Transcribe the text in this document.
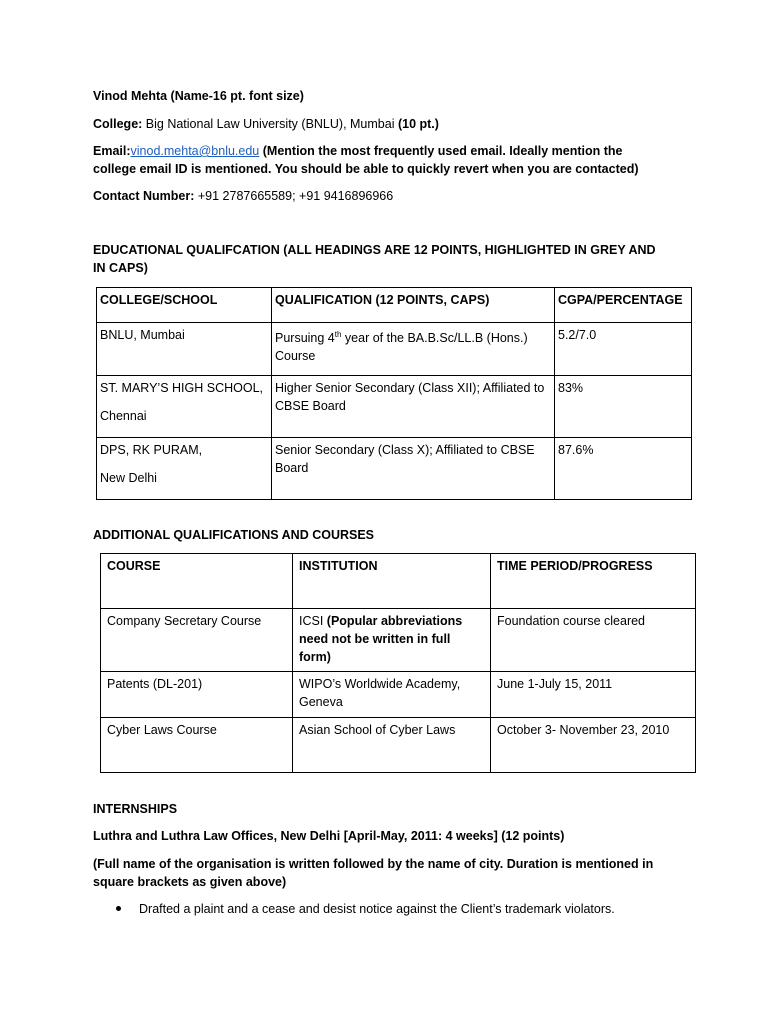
Vinod Mehta (Name-16 pt. font size)
College: Big National Law University (BNLU), Mumbai (10 pt.)
Email:vinod.mehta@bnlu.edu (Mention the most frequently used email. Ideally mention the college email ID is mentioned. You should be able to quickly revert when you are contacted)
Contact Number: +91 2787665589; +91 9416896966
EDUCATIONAL QUALIFCATION (ALL HEADINGS ARE 12 POINTS, HIGHLIGHTED IN GREY AND IN CAPS)
COLLEGE/SCHOOL	QUALIFICATION (12 POINTS, CAPS)	CGPA/PERCENTAGE
BNLU, Mumbai	Pursuing 4th year of the BA.B.Sc/LL.B (Hons.) Course	5.2/7.0

ST. MARY’S HIGH SCHOOL,
Chennai	Higher Senior Secondary (Class XII); Affiliated to CBSE Board	83%

DPS, RK PURAM,
New Delhi	Senior Secondary (Class X); Affiliated to CBSE Board	87.6%
ADDITIONAL QUALIFICATIONS AND COURSES
COURSE	INSTITUTION	TIME PERIOD/PROGRESS
Company Secretary Course	ICSI (Popular abbreviations need not be written in full form)	Foundation course cleared
Patents (DL-201)	WIPO’s Worldwide Academy, Geneva	June 1-July 15, 2011
Cyber Laws Course	Asian School of Cyber Laws	October 3- November 23, 2010
INTERNSHIPS
Luthra and Luthra Law Offices, New Delhi [April-May, 2011: 4 weeks] (12 points)
(Full name of the organisation is written followed by the name of city. Duration is mentioned in square brackets as given above)
Drafted a plaint and a cease and desist notice against the Client’s trademark violators.
